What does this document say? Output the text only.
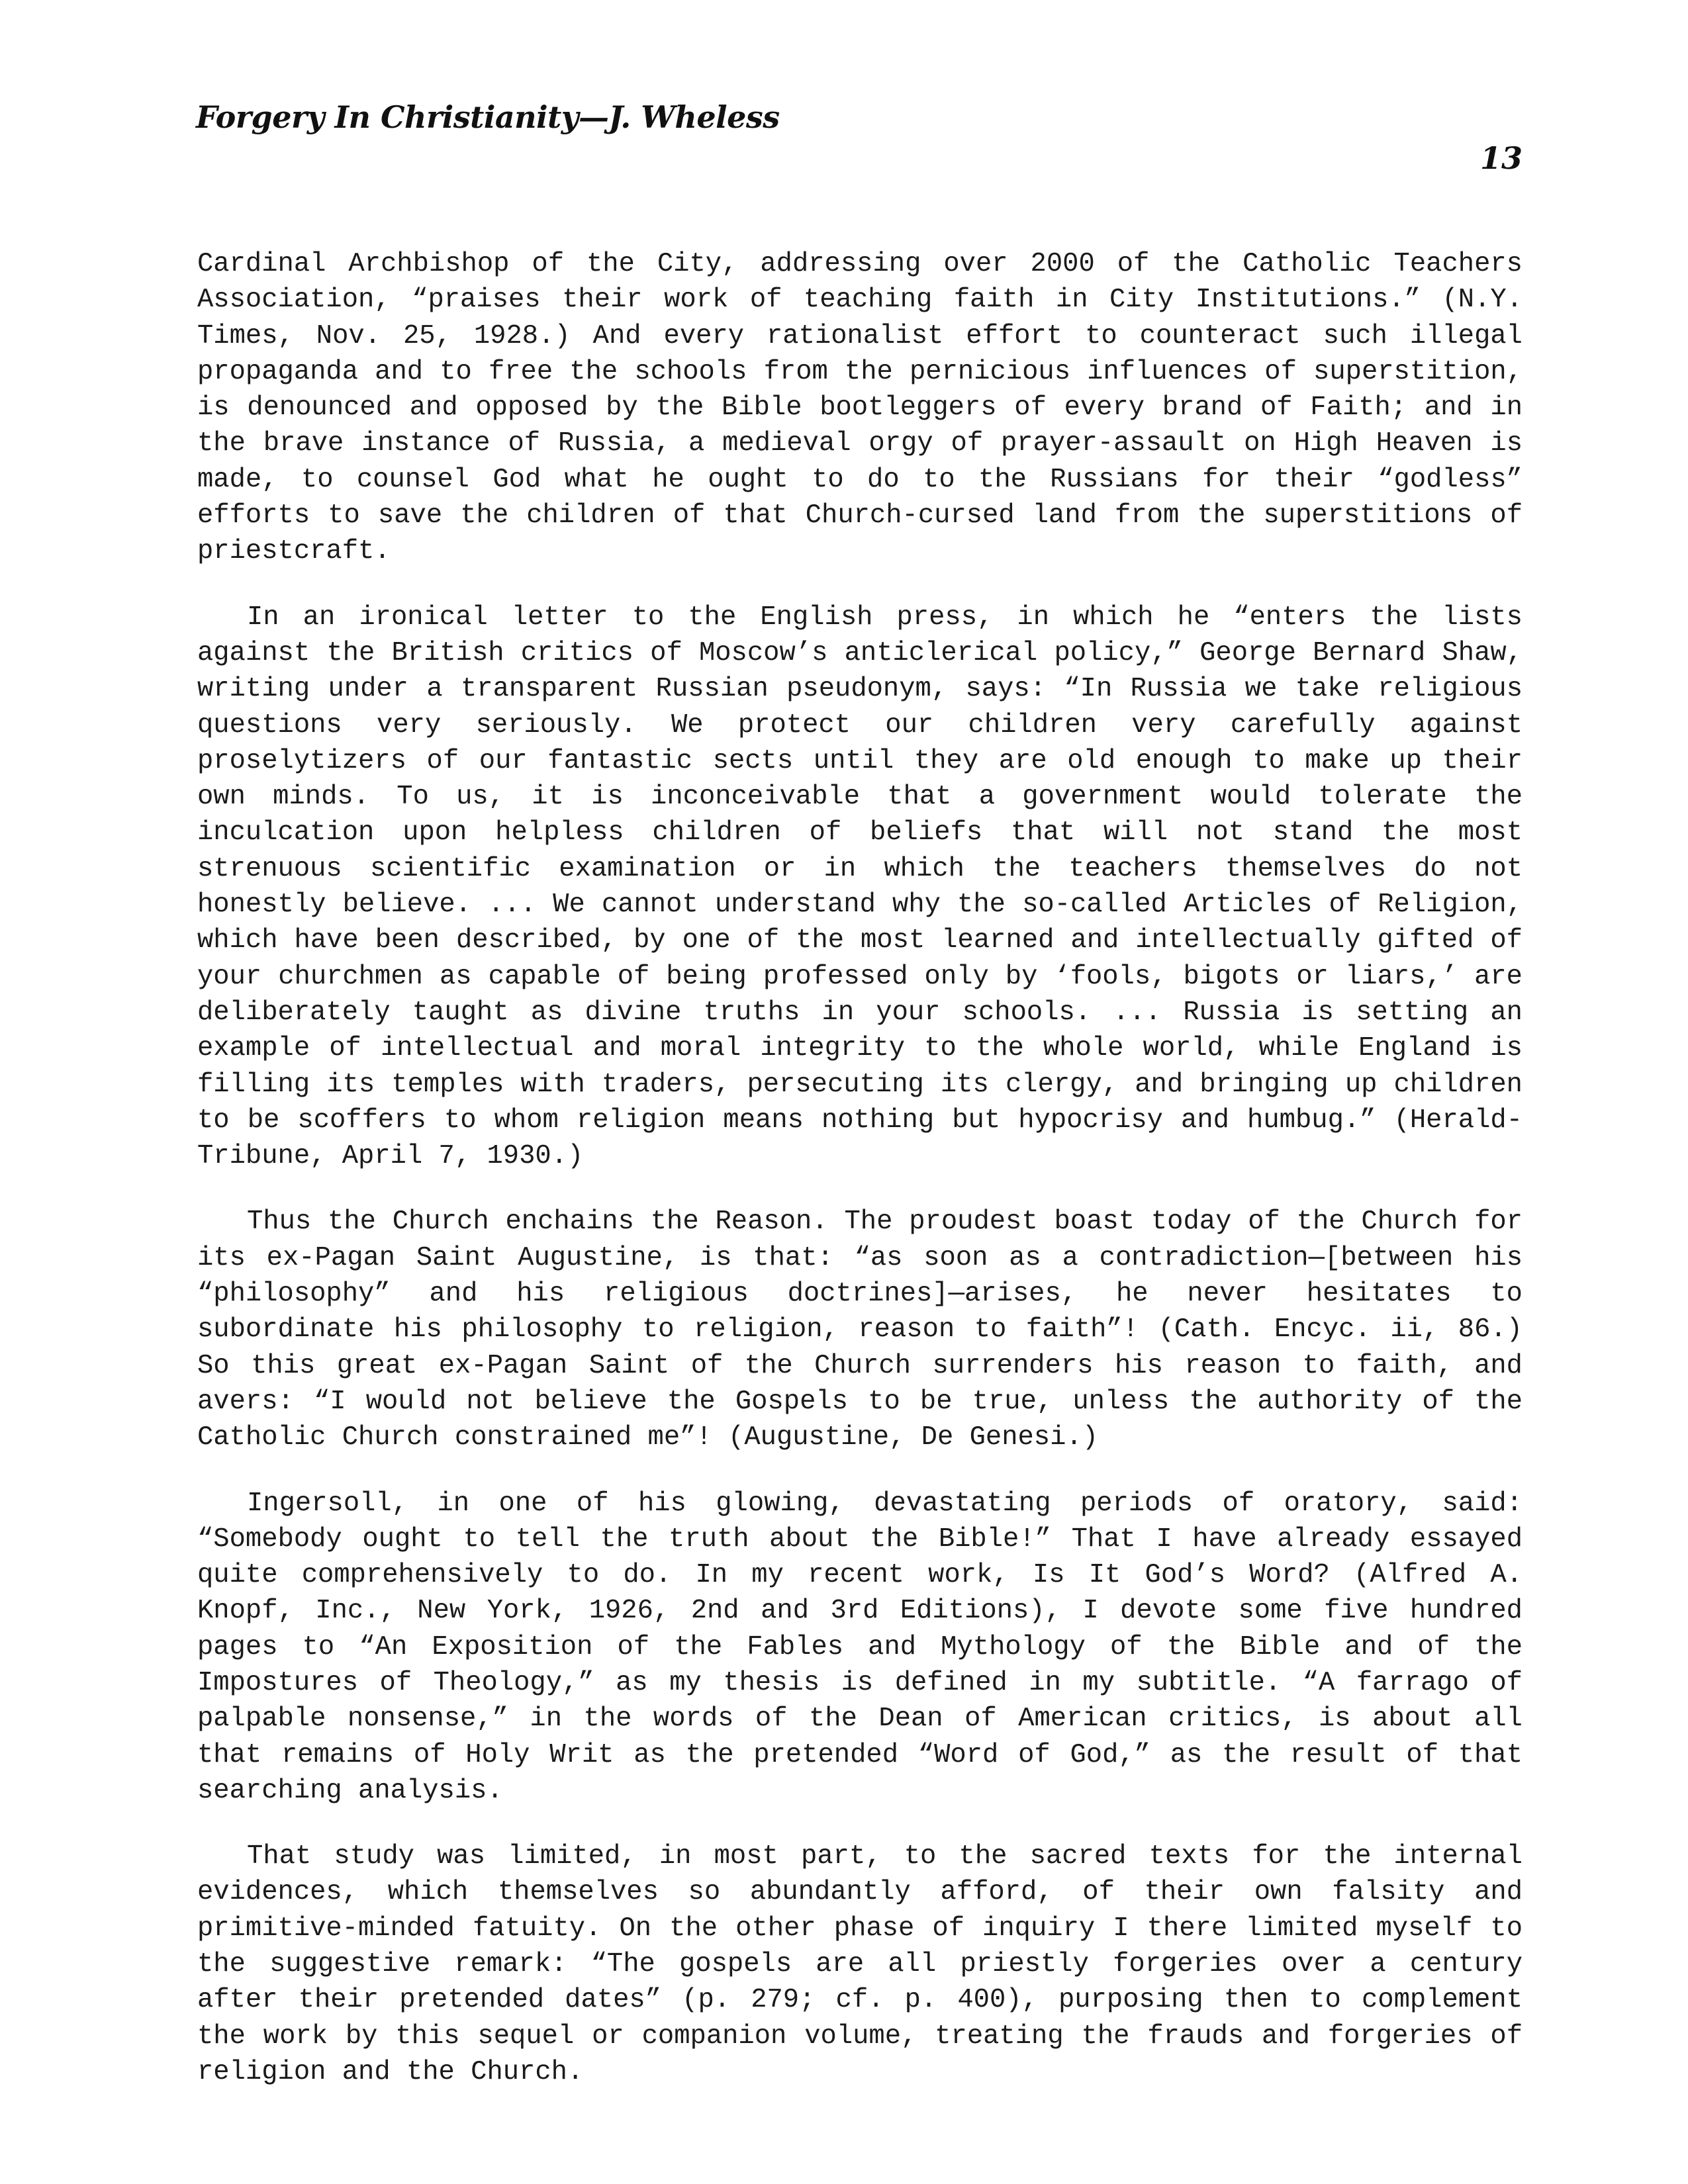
Forgery In Christianity—J. Wheless
13

Cardinal Archbishop of the City, addressing over 2000 of the Catholic Teachers Association, “praises their work of teaching faith in City Institutions.” (N.Y. Times, Nov. 25, 1928.) And every rationalist effort to counteract such illegal propaganda and to free the schools from the pernicious influences of superstition, is denounced and opposed by the Bible bootleggers of every brand of Faith; and in the brave instance of Russia, a medieval orgy of prayer-assault on High Heaven is made, to counsel God what he ought to do to the Russians for their “godless” efforts to save the children of that Church-cursed land from the superstitions of priestcraft.

In an ironical letter to the English press, in which he “enters the lists against the British critics of Moscow’s anticlerical policy,” George Bernard Shaw, writing under a transparent Russian pseudonym, says: “In Russia we take religious questions very seriously. We protect our children very carefully against proselytizers of our fantastic sects until they are old enough to make up their own minds. To us, it is inconceivable that a government would tolerate the inculcation upon helpless children of beliefs that will not stand the most strenuous scientific examination or in which the teachers themselves do not honestly believe. ... We cannot understand why the so-called Articles of Religion, which have been described, by one of the most learned and intellectually gifted of your churchmen as capable of being professed only by ‘fools, bigots or liars,’ are deliberately taught as divine truths in your schools. ... Russia is setting an example of intellectual and moral integrity to the whole world, while England is filling its temples with traders, persecuting its clergy, and bringing up children to be scoffers to whom religion means nothing but hypocrisy and humbug.” (Herald-Tribune, April 7, 1930.)

Thus the Church enchains the Reason. The proudest boast today of the Church for its ex-Pagan Saint Augustine, is that: “as soon as a contradiction—[between his “philosophy” and his religious doctrines]—arises, he never hesitates to subordinate his philosophy to religion, reason to faith”! (Cath. Encyc. ii, 86.) So this great ex-Pagan Saint of the Church surrenders his reason to faith, and avers: “I would not believe the Gospels to be true, unless the authority of the Catholic Church constrained me”! (Augustine, De Genesi.)

Ingersoll, in one of his glowing, devastating periods of oratory, said: “Somebody ought to tell the truth about the Bible!” That I have already essayed quite comprehensively to do. In my recent work, Is It God’s Word? (Alfred A. Knopf, Inc., New York, 1926, 2nd and 3rd Editions), I devote some five hundred pages to “An Exposition of the Fables and Mythology of the Bible and of the Impostures of Theology,” as my thesis is defined in my subtitle. “A farrago of palpable nonsense,” in the words of the Dean of American critics, is about all that remains of Holy Writ as the pretended “Word of God,” as the result of that searching analysis.

That study was limited, in most part, to the sacred texts for the internal evidences, which themselves so abundantly afford, of their own falsity and primitive-minded fatuity. On the other phase of inquiry I there limited myself to the suggestive remark: “The gospels are all priestly forgeries over a century after their pretended dates” (p. 279; cf. p. 400), purposing then to complement the work by this sequel or companion volume, treating the frauds and forgeries of religion and the Church.
